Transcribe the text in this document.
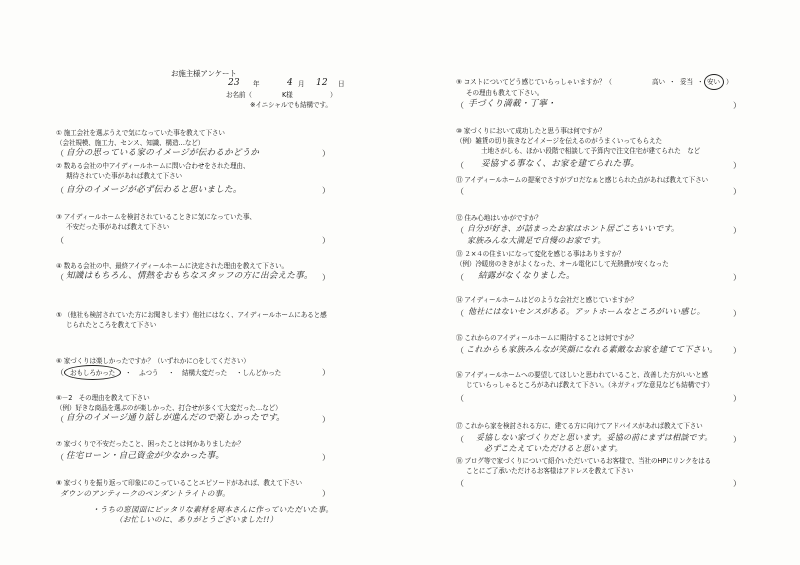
お施主様アンケート
23 年	4 月 12 日
お名前（	K様	）
※イニシャルでも結構です。
① 施工会社を選ぶうえで気になっていた事を教えて下さい
（会社規模、施工力、センス、知識、構造…など）
（ 自分の思っている家のイメージが伝わるかどうか	）
② 数ある会社の中アイディールホームに問い合わせをされた理由、
期待されていた事があれば教えて下さい
（ 自分のイメージが必ず伝わると思いました。	）
③ アイディールホームを検討されていることきに気になっていた事、
不安だった事があれば教えて下さい
（	）
④ 数ある会社の中、最終アイディールホームに決定された理由を教えて下さい。
（ 知識はもちろん、情熱をおもちなスタッフの方に出会えた事。 ）
⑤ （他社も検討されていた方にお聞きします）他社にはなく、アイディールホームにあると感
じられたところを教えて下さい
⑥ 家づくりは楽しかったですか？（いずれかに○をしてください）
（ おもしろかった ・ ふつう ・ 結構大変だった ・しんどかった	）
⑥－2　その理由を教えて下さい
（例）好きな商品を選ぶのが楽しかった、打合せが多くて大変だった…など）
（ 自分のイメージ通り話しが進んだので楽しかったです。	）
⑦ 家づくりで不安だったこと、困ったことは何かありましたか？
（ 住宅ローン・自己資金が少なかった事。	）
⑧ 家づくりを振り返って印象にのこっていることエピソードがあれば、教えて下さい
ダウンのアンティークのペンダントライトの事。	）
・うちの窓図面にピッタリな素材を岡本さんに作っていただいた事。
（お忙しいのに、ありがとうございました!!）
⑨ コストについてどう感じていらっしゃいますか？（	高い ・ 妥当 ・ 安い ）
その理由も教えて下さい。
（ 手づくり満載・丁寧・	）
⑩ 家づくりにおいて成功したと思う事は何ですか？
（例）雑貨の切り抜きなどイメージを伝えるのがうまくいってもらえた
土地さがしも、ほかい段階で相談して予算内で注文住宅が建てられた　など
（ 妥協する事なく、お家を建てられた事。	）
⑪ アイディールホームの提案でさすがプロだなぁと感じられた点があれば教えて下さい
（	）
⑫ 住み心地はいかがですか？
（ 自分が好き、が詰まったお家はホント居ごこちいいです。	）
家族みんな大満足で自慢のお家です。
⑬ ２×４の住まいになって変化を感じる事はありますか？
（例）冷暖房のききがよくなった、オール電化にして光熱費が安くなった
（ 結露がなくなりました。	）
⑭ アイディールホームはどのような会社だと感じていますか？
（ 他社にはないセンスがある。アットホームなところがいい感じ。	）
⑮ これからのアイディールホームに期待することは何ですか？
（ これからも家族みんなが笑顔になれる素敵なお家を建てて下さい。 ）
⑯ アイディールホームへの要望してほしいと思われていること、改善した方がいいと感
じていらっしゃるところがあれば教えて下さい。（ネガティブな意見なども結構です）
（	）
⑰ これから家を検討される方に、建てる方に向けてアドバイスがあれば教えて下さい
（ 妥協しない家づくりだと思います。妥協の前にまずは相談です。	）
必ずこたえていただけると思います。
⑱ ブログ等で家づくりについて紹介いただいているお客様で、当社のHPにリンクをはる
ことにご了承いただけるお客様はアドレスを教えて下さい
（	）
